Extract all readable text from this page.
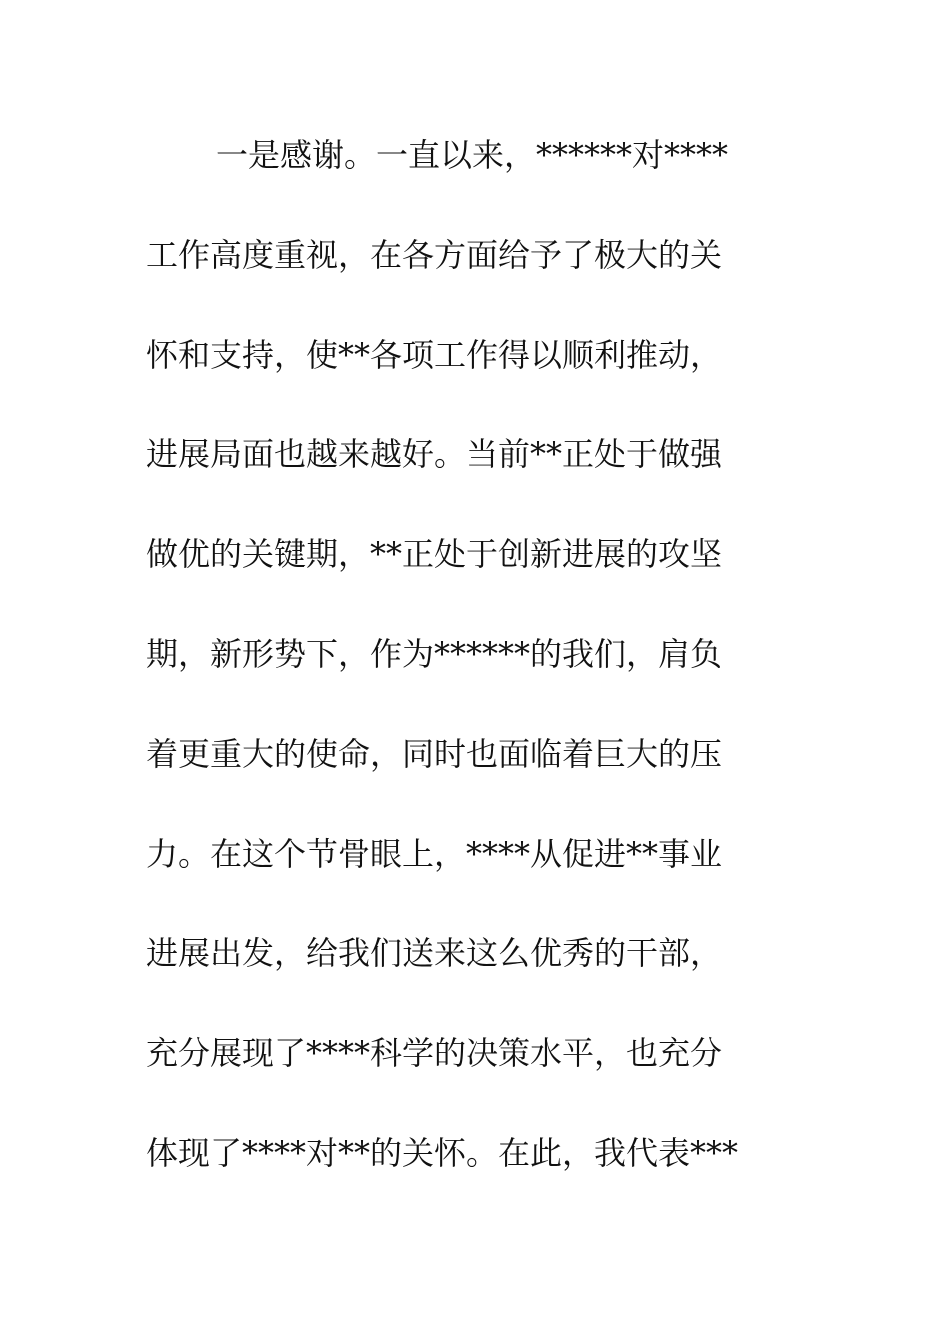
一是感谢。一直以来，******对****
工作高度重视，在各方面给予了极大的关
怀和支持，使**各项工作得以顺利推动，
进展局面也越来越好。当前**正处于做强
做优的关键期，**正处于创新进展的攻坚
期，新形势下，作为******的我们，肩负
着更重大的使命，同时也面临着巨大的压
力。在这个节骨眼上，****从促进**事业
进展出发，给我们送来这么优秀的干部，
充分展现了****科学的决策水平，也充分
体现了****对**的关怀。在此，我代表***
